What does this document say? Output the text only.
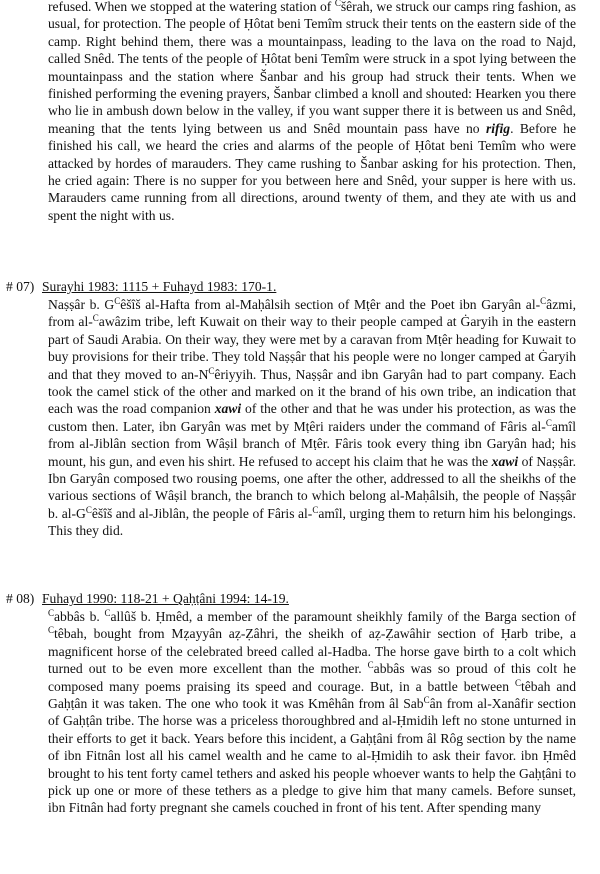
refused. When we stopped at the watering station of $^C$šêrah, we struck our camps ring fashion, as usual, for protection. The people of Ḥôtat beni Temîm struck their tents on the eastern side of the camp. Right behind them, there was a mountainpass, leading to the lava on the road to Najd, called Snêd. The tents of the people of Ḥôtat beni Temîm were struck in a spot lying between the mountainpass and the station where Šanbar and his group had struck their tents. When we finished performing the evening prayers, Šanbar climbed a knoll and shouted: Hearken you there who lie in ambush down below in the valley, if you want supper there it is between us and Snêd, meaning that the tents lying between us and Snêd mountain pass have no rifig. Before he finished his call, we heard the cries and alarms of the people of Ḥôtat beni Temîm who were attacked by hordes of marauders. They came rushing to Šanbar asking for his protection. Then, he cried again: There is no supper for you between here and Snêd, your supper is here with us. Marauders came running from all directions, around twenty of them, and they ate with us and spent the night with us.

# 07) Surayhi 1983: 1115 + Fuhayd 1983: 170-1.

Naṣṣâr b. $G^Cêšîš$ al-Hafta from al-Maḥâlsih section of Mṭêr and the Poet ibn Garyân al-$^C$âzmi, from al-$^C$awâzim tribe, left Kuwait on their way to their people camped at Ġaryih in the eastern part of Saudi Arabia. On their way, they were met by a caravan from Mṭêr heading for Kuwait to buy provisions for their tribe. They told Naṣṣâr that his people were no longer camped at Ġaryih and that they moved to $an-N^Cêriyyih$. Thus, Naṣṣâr and ibn Garyân had to part company. Each took the camel stick of the other and marked on it the brand of his own tribe, an indication that each was the road companion xawi of the other and that he was under his protection, as was the custom then. Later, ibn Garyân was met by Mṭêri raiders under the command of Fâris al-$^C$amîl from al-Jiblân section from Wâṣil branch of Mṭêr. Fâris took every thing ibn Garyân had; his mount, his gun, and even his shirt. He refused to accept his claim that he was the xawi of Naṣṣâr. Ibn Garyân composed two rousing poems, one after the other, addressed to all the sheikhs of the various sections of Wâṣil branch, the branch to which belong al-Maḥâlsih, the people of Naṣṣâr b. $al-G^Cêšîš$ and al-Jiblân, the people of Fâris al-$^C$amîl, urging them to return him his belongings. This they did.

# 08) Fuhayd 1990: 118-21 + Qaḥṭâni 1994: 14-19.

$^C$abbâs b. $^C$allûš b. Ḥmêd, a member of the paramount sheikhly family of the Barga section of $^C$têbah, bought from Mẓayyân aẓ-Ẓâhri, the sheikh of aẓ-Ẓawâhir section of Ḥarb tribe, a magnificent horse of the celebrated breed called al-Hadba. The horse gave birth to a colt which turned out to be even more excellent than the mother. $^C$abbâs was so proud of this colt he composed many poems praising its speed and courage. But, in a battle between $^C$têbah and Gaḥṭân it was taken. The one who took it was Kmêhân from âl Sab$^C$ân from al-Xanâfir section of Gaḥṭân tribe. The horse was a priceless thoroughbred and al-Ḥmidih left no stone unturned in their efforts to get it back. Years before this incident, a Gaḥṭâni from âl Rôg section by the name of ibn Fitnân lost all his camel wealth and he came to al-Ḥmidih to ask their favor. ibn Ḥmêd brought to his tent forty camel tethers and asked his people whoever wants to help the Gaḥṭâni to pick up one or more of these tethers as a pledge to give him that many camels. Before sunset, ibn Fitnân had forty pregnant she camels couched in front of his tent. After spending many
